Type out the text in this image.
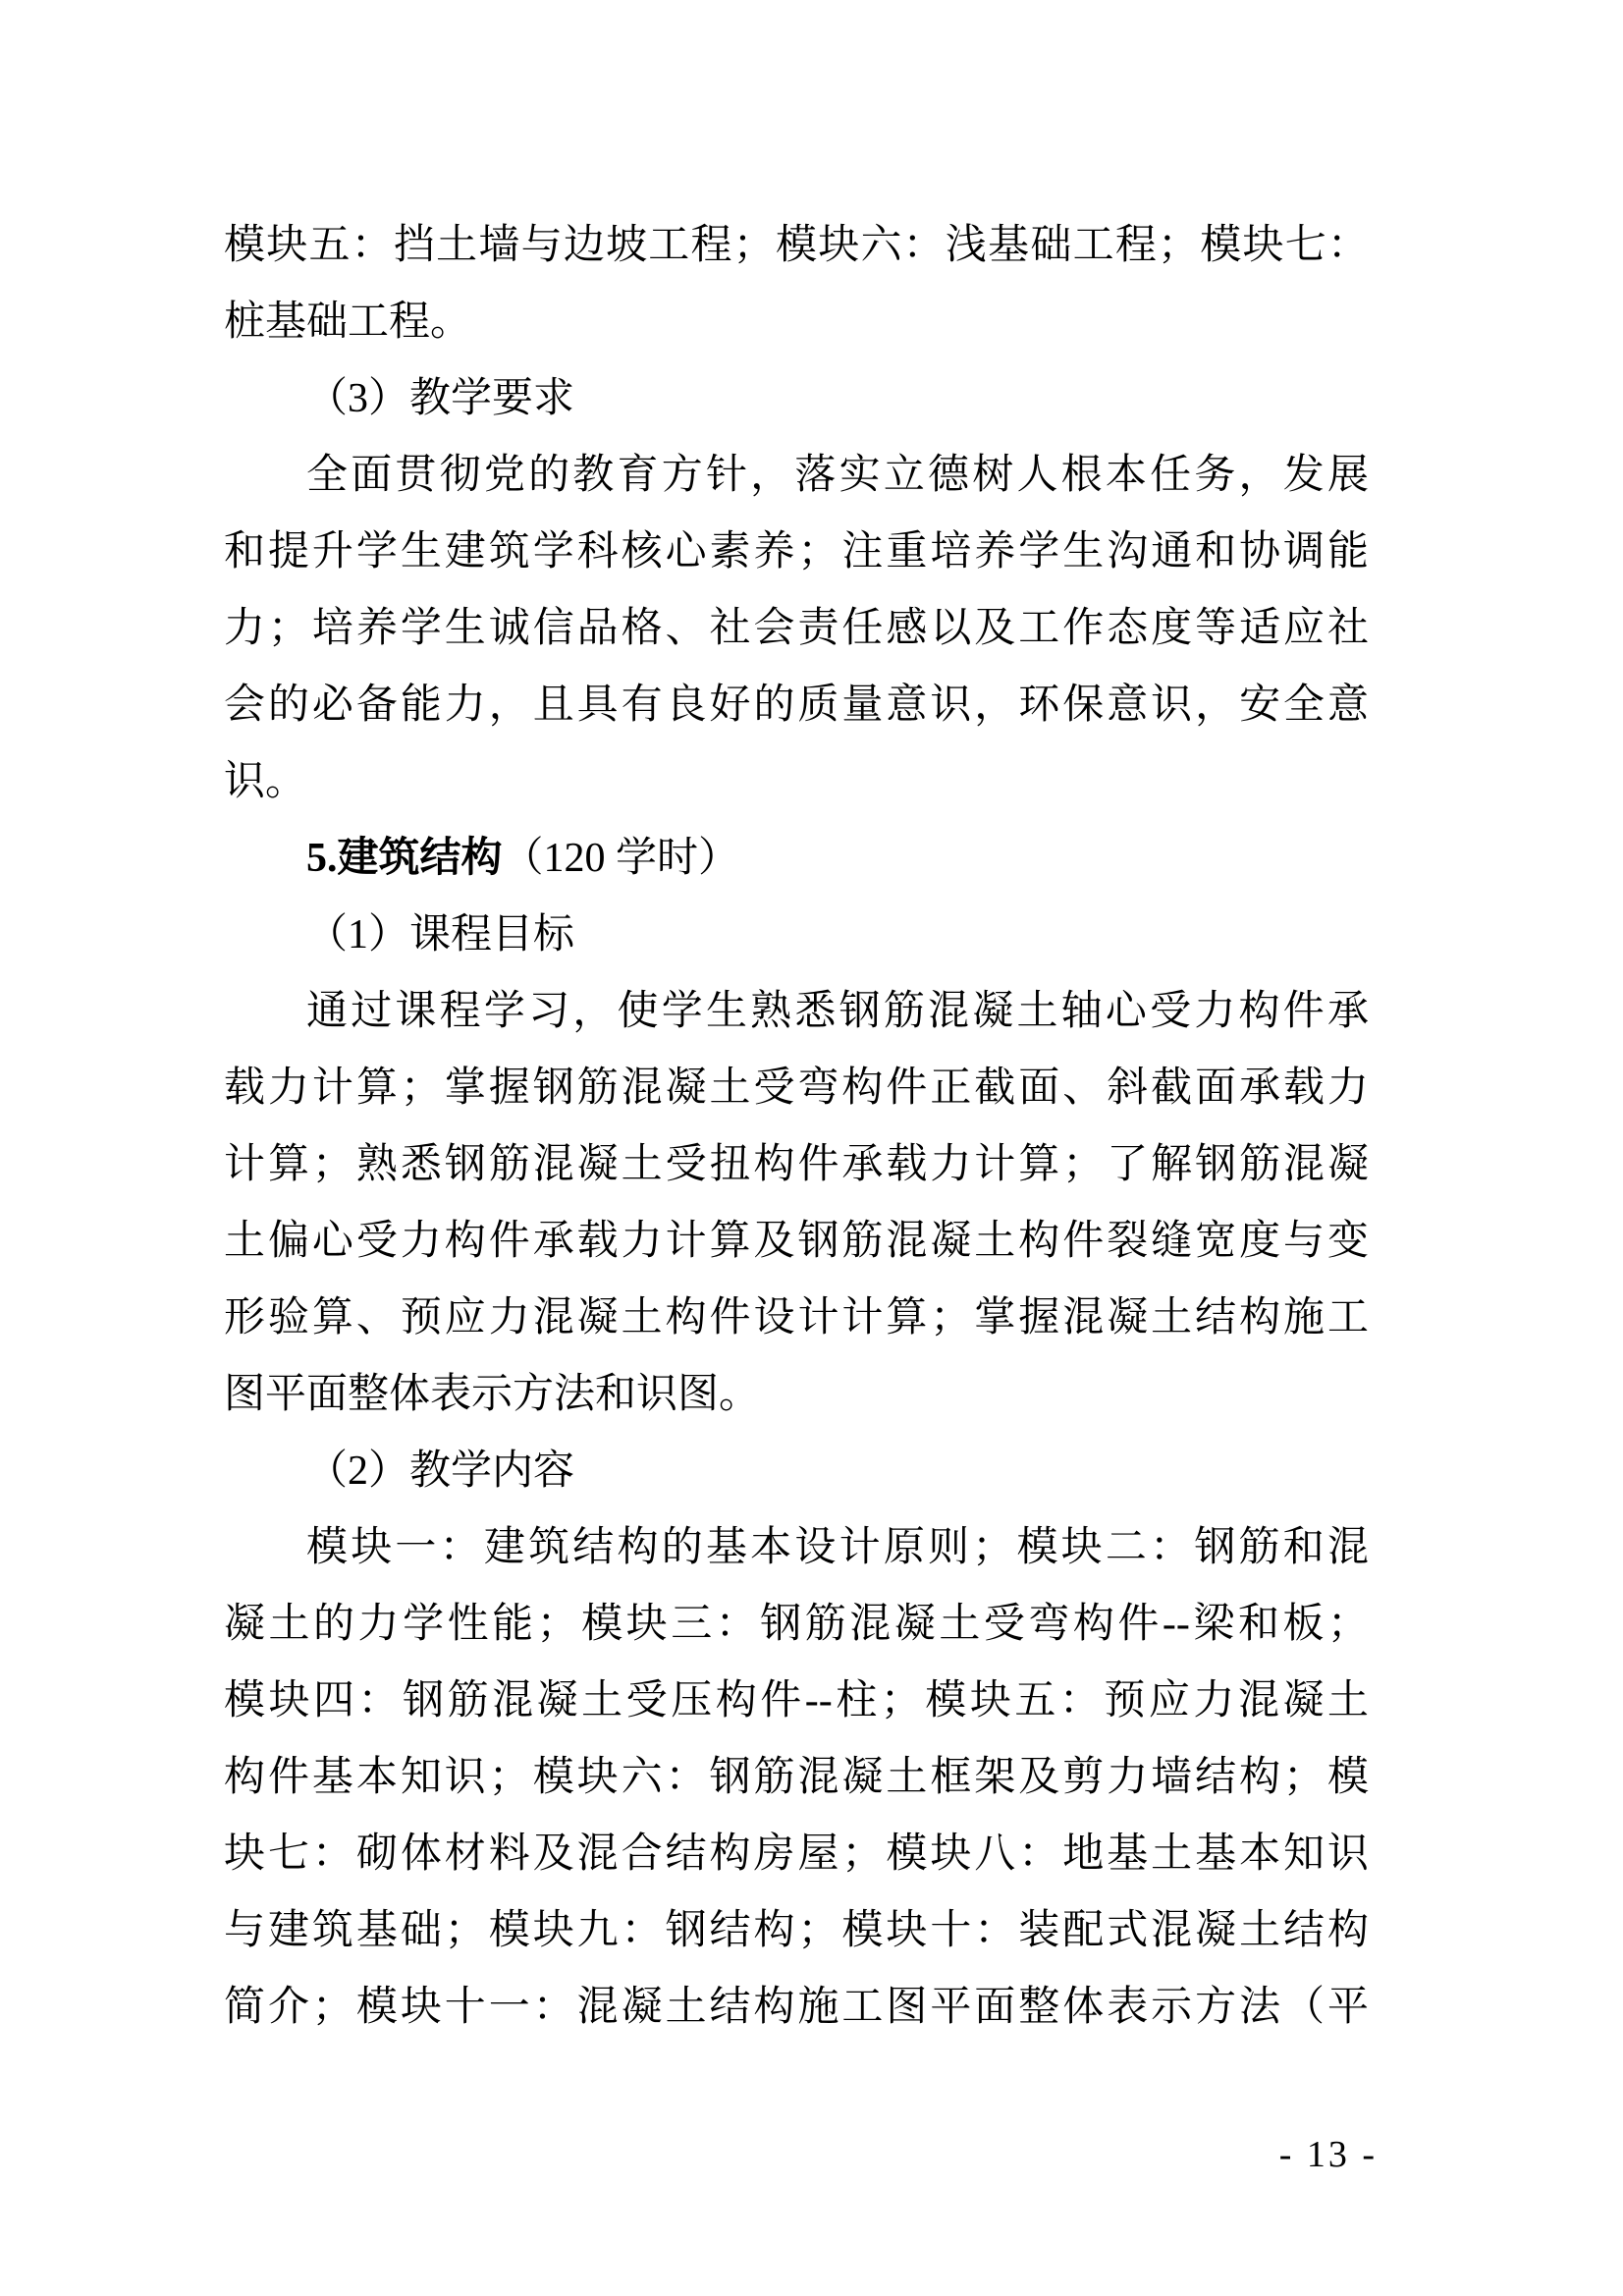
模块五：挡土墙与边坡工程；模块六：浅基础工程；模块七：
桩基础工程。
（3）教学要求
全面贯彻党的教育方针，落实立德树人根本任务，发展
和提升学生建筑学科核心素养；注重培养学生沟通和协调能
力；培养学生诚信品格、社会责任感以及工作态度等适应社
会的必备能力，且具有良好的质量意识，环保意识，安全意
识。
5.建筑结构（120 学时）
（1）课程目标
通过课程学习，使学生熟悉钢筋混凝土轴心受力构件承
载力计算；掌握钢筋混凝土受弯构件正截面、斜截面承载力
计算；熟悉钢筋混凝土受扭构件承载力计算；了解钢筋混凝
土偏心受力构件承载力计算及钢筋混凝土构件裂缝宽度与变
形验算、预应力混凝土构件设计计算；掌握混凝土结构施工
图平面整体表示方法和识图。
（2）教学内容
模块一：建筑结构的基本设计原则；模块二：钢筋和混
凝土的力学性能；模块三：钢筋混凝土受弯构件--梁和板；
模块四：钢筋混凝土受压构件--柱；模块五：预应力混凝土
构件基本知识；模块六：钢筋混凝土框架及剪力墙结构；模
块七：砌体材料及混合结构房屋；模块八：地基土基本知识
与建筑基础；模块九：钢结构；模块十：装配式混凝土结构
简介；模块十一：混凝土结构施工图平面整体表示方法（平
- 13 -
